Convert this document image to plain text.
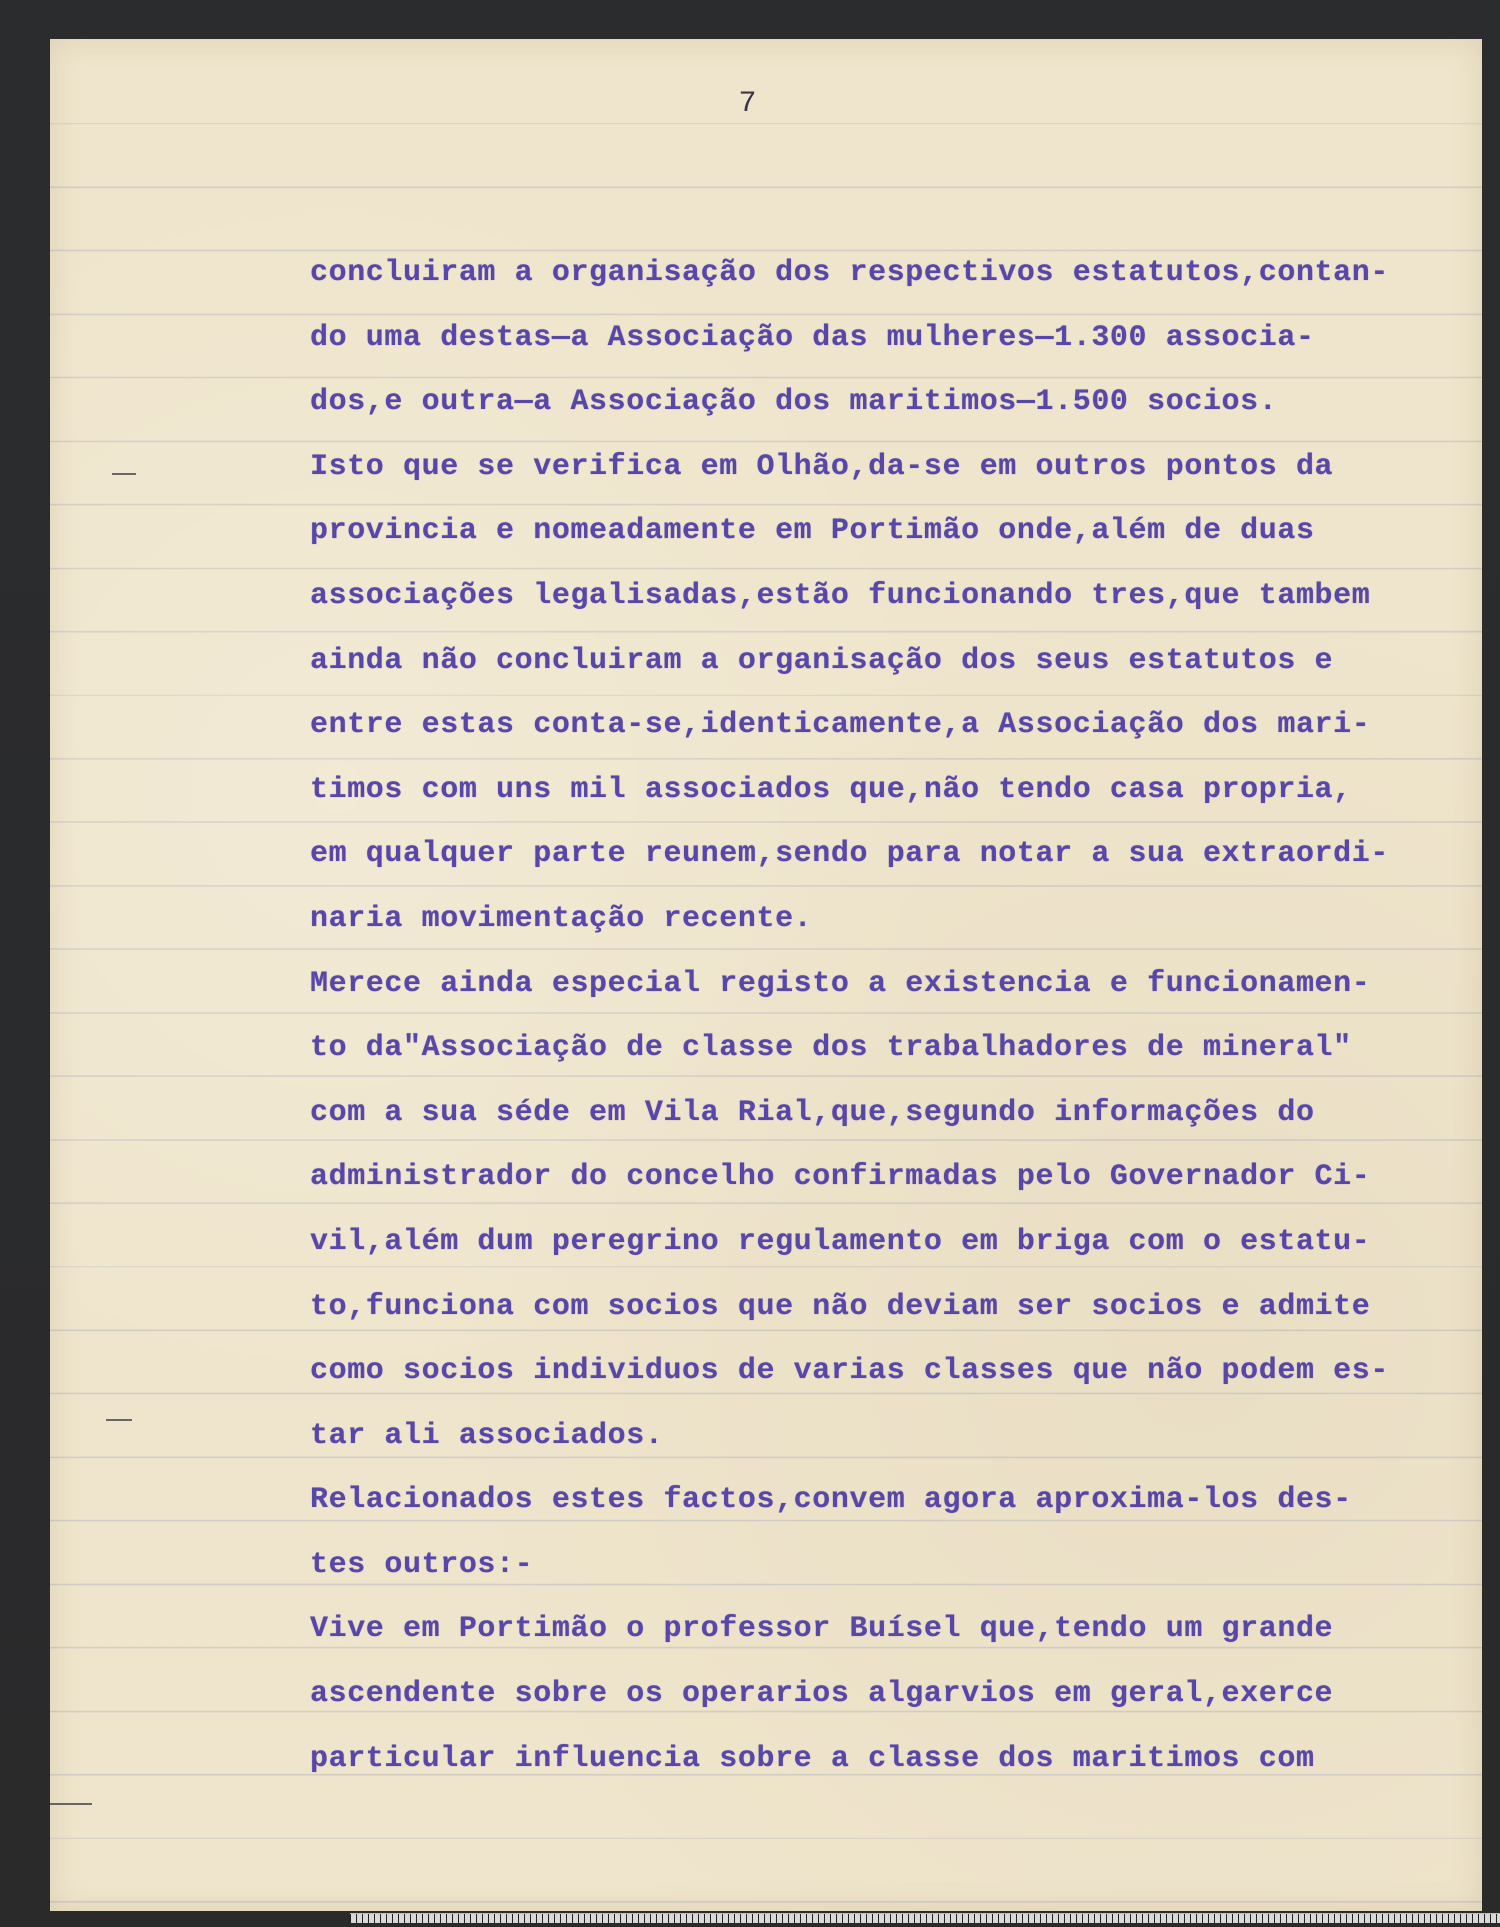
7
concluiram a organisação dos respectivos estatutos,contan-
do uma destas—a Associação das mulheres—1.300 associa-
dos,e outra—a Associação dos maritimos—1.500 socios.
Isto que se verifica em Olhão,da-se em outros pontos da
provincia e nomeadamente em Portimão onde,além de duas
associações legalisadas,estão funcionando tres,que tambem
ainda não concluiram a organisação dos seus estatutos e
entre estas conta-se,identicamente,a Associação dos mari-
timos com uns mil associados que,não tendo casa propria,
em qualquer parte reunem,sendo para notar a sua extraordi-
naria movimentação recente.
Merece ainda especial registo a existencia e funcionamen-
to da"Associação de classe dos trabalhadores de mineral"
com a sua séde em Vila Rial,que,segundo informações do
administrador do concelho confirmadas pelo Governador Ci-
vil,além dum peregrino regulamento em briga com o estatu-
to,funciona com socios que não deviam ser socios e admite
como socios individuos de varias classes que não podem es-
tar ali associados.
Relacionados estes factos,convem agora aproxima-los des-
tes outros:-
Vive em Portimão o professor Buísel que,tendo um grande
ascendente sobre os operarios algarvios em geral,exerce
particular influencia sobre a classe dos maritimos com
